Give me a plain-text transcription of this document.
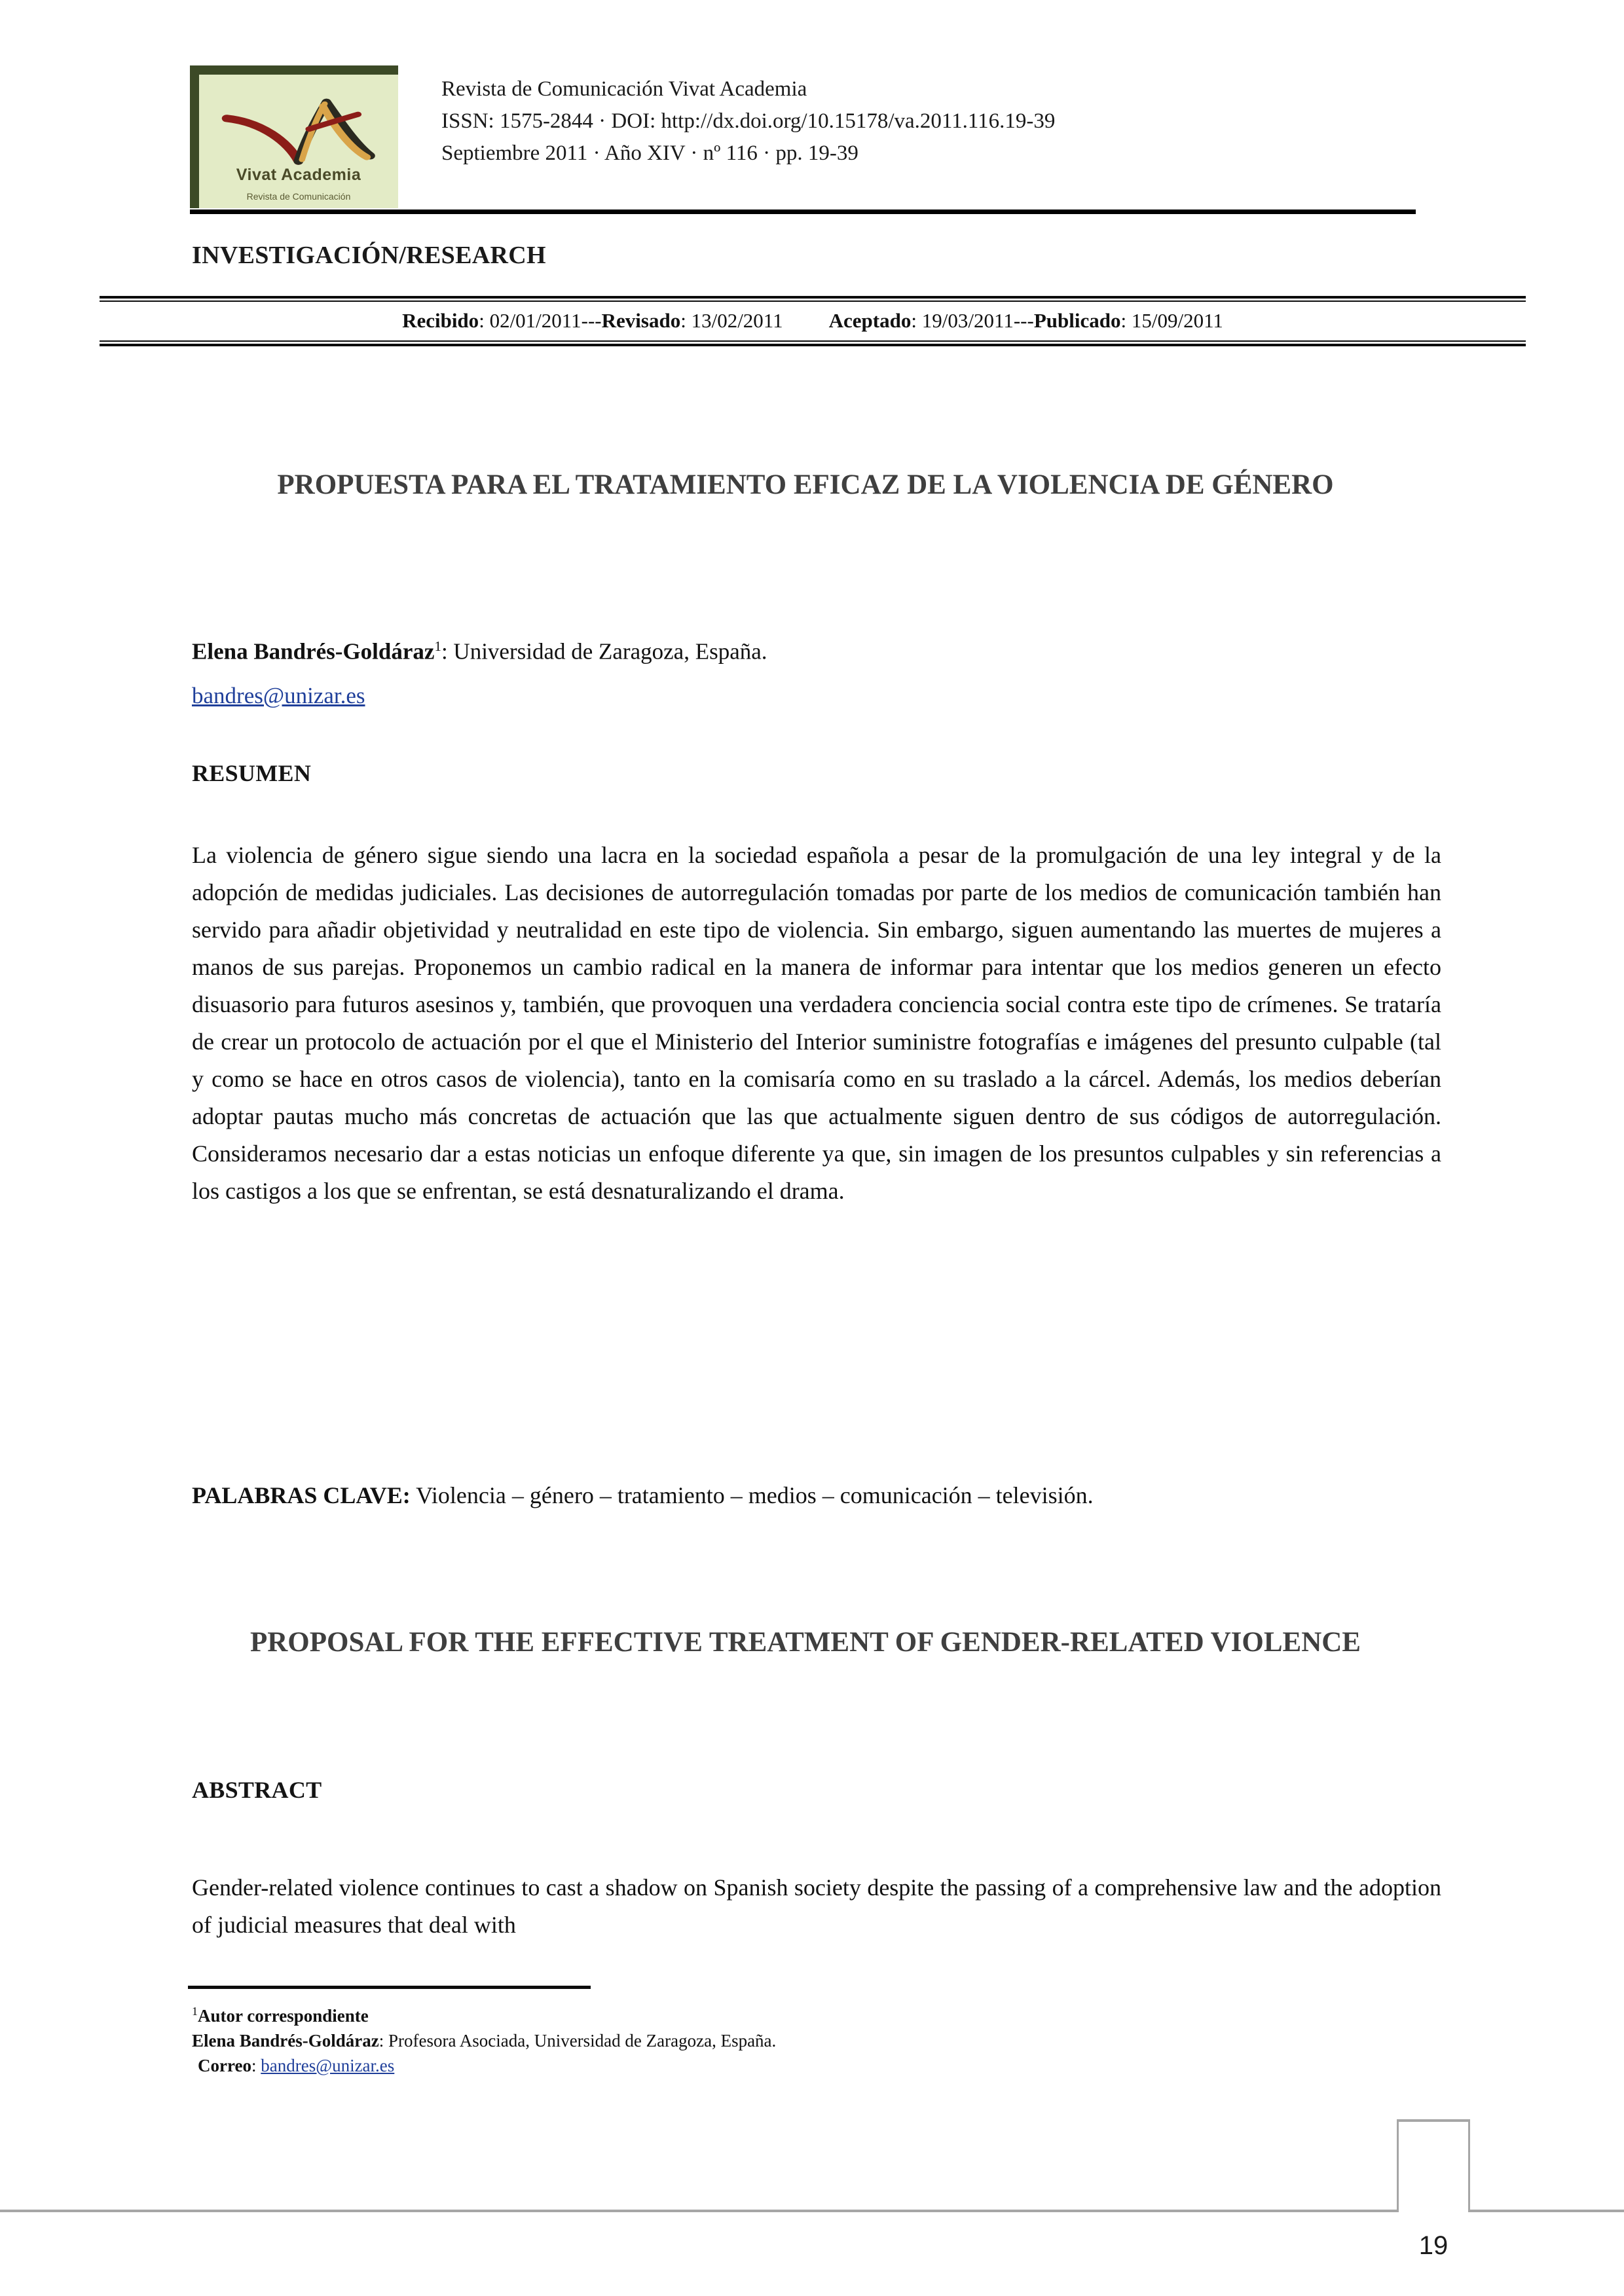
Vivat Academia
Revista de Comunicación
Revista de Comunicación Vivat Academia
ISSN: 1575-2844 · DOI: http://dx.doi.org/10.15178/va.2011.116.19-39
Septiembre 2011 · Año XIV · nº 116 · pp. 19-39
INVESTIGACIÓN/RESEARCH
Recibido: 02/01/2011---Revisado: 13/02/2011 Aceptado: 19/03/2011---Publicado: 15/09/2011
PROPUESTA PARA EL TRATAMIENTO EFICAZ DE LA VIOLENCIA DE GÉNERO
Elena Bandrés-Goldáraz$^1$: Universidad de Zaragoza, España.
bandres@unizar.es
RESUMEN
La violencia de género sigue siendo una lacra en la sociedad española a pesar de la promulgación de una ley integral y de la adopción de medidas judiciales. Las decisiones de autorregulación tomadas por parte de los medios de comunicación también han servido para añadir objetividad y neutralidad en este tipo de violencia. Sin embargo, siguen aumentando las muertes de mujeres a manos de sus parejas. Proponemos un cambio radical en la manera de informar para intentar que los medios generen un efecto disuasorio para futuros asesinos y, también, que provoquen una verdadera conciencia social contra este tipo de crímenes. Se trataría de crear un protocolo de actuación por el que el Ministerio del Interior suministre fotografías e imágenes del presunto culpable (tal y como se hace en otros casos de violencia), tanto en la comisaría como en su traslado a la cárcel. Además, los medios deberían adoptar pautas mucho más concretas de actuación que las que actualmente siguen dentro de sus códigos de autorregulación. Consideramos necesario dar a estas noticias un enfoque diferente ya que, sin imagen de los presuntos culpables y sin referencias a los castigos a los que se enfrentan, se está desnaturalizando el drama.
PALABRAS CLAVE: Violencia – género – tratamiento – medios – comunicación – televisión.
PROPOSAL FOR THE EFFECTIVE TREATMENT OF GENDER-RELATED VIOLENCE
ABSTRACT
Gender-related violence continues to cast a shadow on Spanish society despite the passing of a comprehensive law and the adoption of judicial measures that deal with
$^1$Autor correspondiente
Elena Bandrés-Goldáraz: Profesora Asociada, Universidad de Zaragoza, España.
Correo: bandres@unizar.es
19
